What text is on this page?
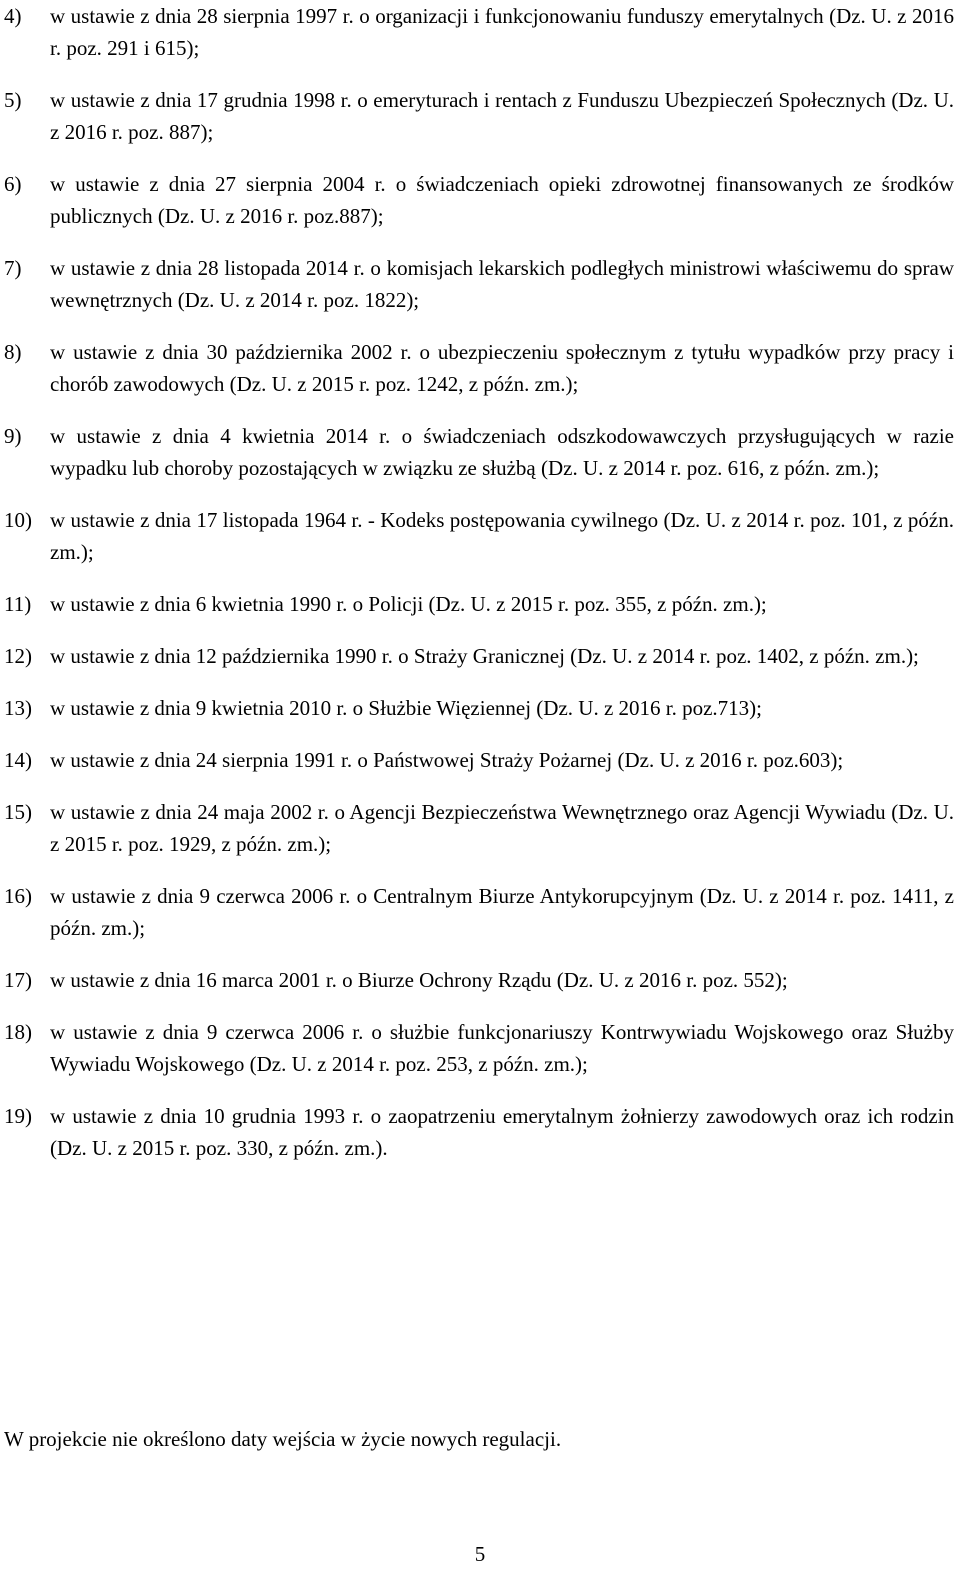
4)	w ustawie z dnia 28 sierpnia 1997 r. o organizacji i funkcjonowaniu funduszy emerytalnych (Dz. U. z 2016 r. poz. 291 i 615);
5)	w ustawie z dnia 17 grudnia 1998 r. o emeryturach i rentach z Funduszu Ubezpieczeń Społecznych (Dz. U. z 2016 r. poz. 887);
6)	w ustawie z dnia 27 sierpnia 2004 r. o świadczeniach opieki zdrowotnej finansowanych ze środków publicznych (Dz. U. z 2016 r. poz.887);
7)	w ustawie z dnia 28 listopada 2014 r. o komisjach lekarskich podległych ministrowi właściwemu do spraw wewnętrznych (Dz. U. z 2014 r. poz. 1822);
8)	w ustawie z dnia 30 października 2002 r. o ubezpieczeniu społecznym z tytułu wypadków przy pracy i chorób zawodowych (Dz. U. z 2015 r. poz. 1242, z późn. zm.);
9)	w ustawie z dnia 4 kwietnia 2014 r. o świadczeniach odszkodowawczych przysługujących w razie wypadku lub choroby pozostających w związku ze służbą (Dz. U. z 2014 r. poz. 616, z późn. zm.);
10) w ustawie z dnia 17 listopada 1964 r. - Kodeks postępowania cywilnego (Dz. U. z 2014 r. poz. 101, z późn. zm.);
11) w ustawie z dnia 6 kwietnia 1990 r. o Policji (Dz. U. z 2015 r. poz. 355, z późn. zm.);
12) w ustawie z dnia 12 października 1990 r. o Straży Granicznej (Dz. U. z 2014 r. poz. 1402, z późn. zm.);
13) w ustawie z dnia 9 kwietnia 2010 r. o Służbie Więziennej (Dz. U. z 2016 r. poz.713);
14) w ustawie z dnia 24 sierpnia 1991 r. o Państwowej Straży Pożarnej (Dz. U. z 2016 r. poz.603);
15) w ustawie z dnia 24 maja 2002 r. o Agencji Bezpieczeństwa Wewnętrznego oraz Agencji Wywiadu (Dz. U. z 2015 r. poz. 1929, z późn. zm.);
16) w ustawie z dnia 9 czerwca 2006 r. o Centralnym Biurze Antykorupcyjnym (Dz. U. z 2014 r. poz. 1411, z późn. zm.);
17) w ustawie z dnia 16 marca 2001 r. o Biurze Ochrony Rządu (Dz. U. z 2016 r. poz. 552);
18) w ustawie z dnia 9 czerwca 2006 r. o służbie funkcjonariuszy Kontrwywiadu Wojskowego oraz Służby Wywiadu Wojskowego (Dz. U. z 2014 r. poz. 253, z późn. zm.);
19) w ustawie z dnia 10 grudnia 1993 r. o zaopatrzeniu emerytalnym żołnierzy zawodowych oraz ich rodzin (Dz. U. z 2015 r. poz. 330, z późn. zm.).

W projekcie nie określono daty wejścia w życie nowych regulacji.

5
